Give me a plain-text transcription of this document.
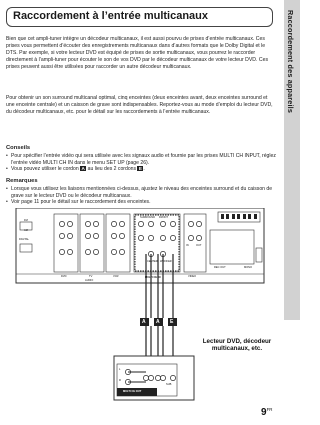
Raccordement à l’entrée multicanaux	Raccordement des appareils

Bien que cet ampli-tuner intègre un décodeur multicanaux, il est aussi pourvu de prises d’entrée multicanaux. Ces prises vous permettent d’écouter des enregistrements multicanaux dans d’autres formats que le Dolby Digital et le DTS. Par exemple, si votre lecteur DVD est équipé de prises de sortie multicanaux, vous pourrez le raccorder directement à l’ampli-tuner pour écouter le son de vos DVD par le décodeur multicanaux de votre lecteur DVD. Ces prises peuvent aussi être utilisées pour raccorder un autre décodeur multicanaux.

Pour obtenir un son surround multicanal optimal, cinq enceintes (deux enceintes avant, deux enceintes surround et une enceinte centrale) et un caisson de grave sont indispensables. Reportez-vous au mode d’emploi du lecteur DVD, du décodeur multicanaux, etc. pour le détail sur les raccordements à l’entrée multicanaux.

Conseils
• Pour spécifier l’entrée vidéo qui sera utilisée avec les signaux audio et fournie par les prises MULTI CH INPUT, réglez l’entrée vidéo MULTI CH IN dans le menu SET UP (page 26).
• Vous pouvez utiliser le cordon A au lieu des 2 cordons E.
Remarques
• Lorsque vous utilisez les liaisons mentionnées ci-dessus, ajustez le niveau des enceintes surround et du caisson de grave sur le lecteur DVD ou le décodeur multicanaux.
• Voir page 11 pour le détail sur le raccordement des enceintes.
FM
AM
DIGITAL
DVD	TV	VCR
AUDIO
SURROUND FRONT
CENTER WOOFER
MULTI CH IN
IN	OUT
VIDEO
REC OUT	MONO
L
R
SUB
MULTI CH OUT
A A E
Lecteur DVD, décodeur multicanaux, etc.
$9^{FR}$
